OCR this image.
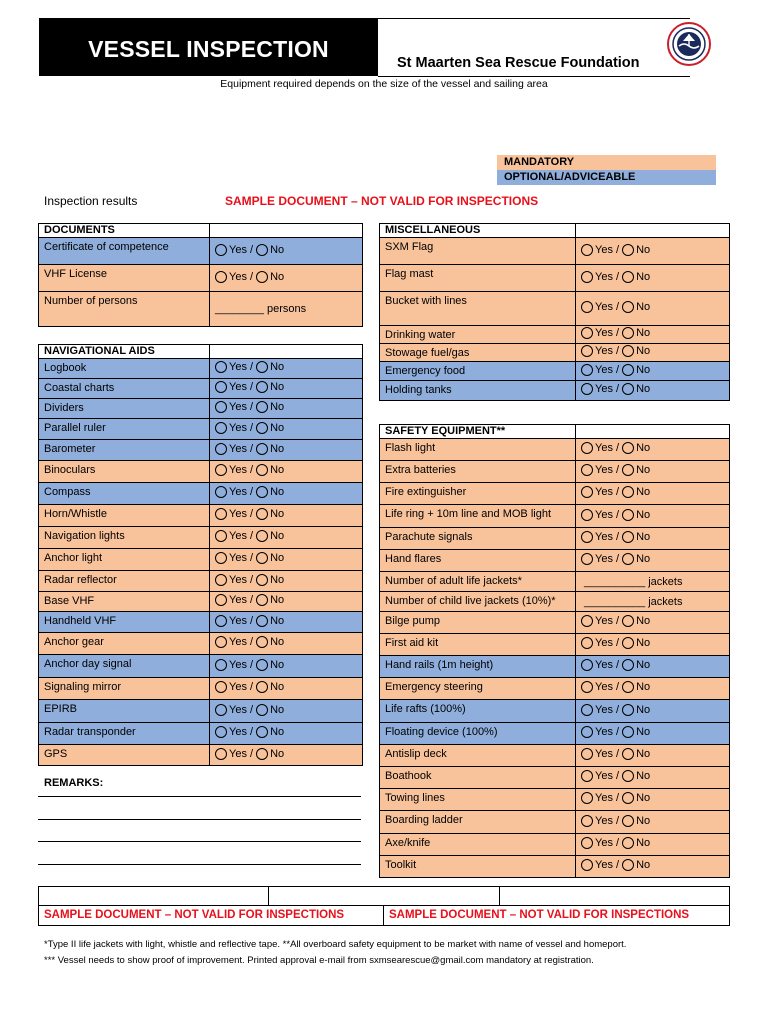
VESSEL INSPECTION CHECKLIST
St Maarten Sea Rescue Foundation
Equipment required depends on the size of the vessel and sailing area
MANDATORY
OPTIONAL/ADVICEABLE
Inspection results	SAMPLE DOCUMENT – NOT VALID FOR INSPECTIONS
DOCUMENTS	
Certificate of competence	Yes / No

VHF License	Yes / No

Number of persons	________ persons
NAVIGATIONAL AIDS	
Logbook	Yes / No

Coastal charts	Yes / No

Dividers	Yes / No

Parallel ruler	Yes / No

Barometer	Yes / No

Binoculars	Yes / No

Compass	Yes / No

Horn/Whistle	Yes / No

Navigation lights	Yes / No

Anchor light	Yes / No

Radar reflector	Yes / No

Base VHF	Yes / No

Handheld VHF	Yes / No

Anchor gear	Yes / No

Anchor day signal	Yes / No

Signaling mirror	Yes / No

EPIRB	Yes / No

Radar transponder	Yes / No

GPS	Yes / No
MISCELLANEOUS	
SXM Flag	Yes / No

Flag mast	Yes / No

Bucket with lines	Yes / No

Drinking water	Yes / No

Stowage fuel/gas	Yes / No

Emergency food	Yes / No

Holding tanks	Yes / No
SAFETY EQUIPMENT**	
Flash light	Yes / No

Extra batteries	Yes / No

Fire extinguisher	Yes / No

Life ring + 10m line and MOB light	Yes / No

Parachute signals	Yes / No

Hand flares	Yes / No

Number of adult life jackets*	__________ jackets
Number of child live jackets (10%)*	__________ jackets
Bilge pump	Yes / No

First aid kit	Yes / No

Hand rails (1m height)	Yes / No

Emergency steering	Yes / No

Life rafts (100%)	Yes / No

Floating device (100%)	Yes / No

Antislip deck	Yes / No

Boathook	Yes / No

Towing lines	Yes / No

Boarding ladder	Yes / No

Axe/knife	Yes / No

Toolkit	Yes / No
REMARKS:

SAMPLE DOCUMENT – NOT VALID FOR INSPECTIONS		SAMPLE DOCUMENT – NOT VALID FOR INSPECTIONS	
*Type II life jackets with light, whistle and reflective tape. **All overboard safety equipment to be market with name of vessel and homeport.
*** Vessel needs to show proof of improvement. Printed approval e-mail from sxmsearescue@gmail.com mandatory at registration.
